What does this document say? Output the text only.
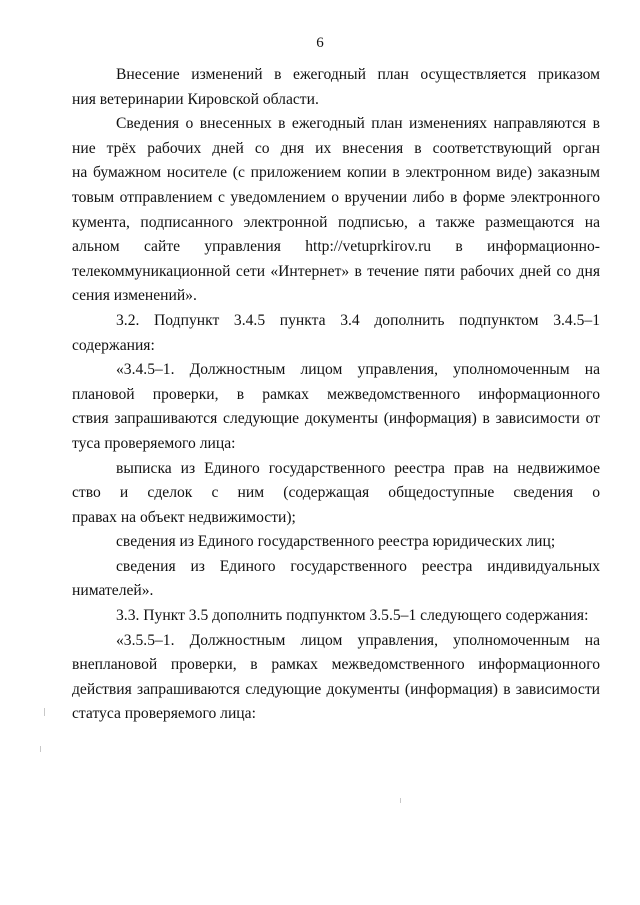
6
Внесение изменений в ежегодный план осуществляется приказом
ния ветеринарии Кировской области.
Сведения о внесенных в ежегодный план изменениях направляются в
ние трёх рабочих дней со дня их внесения в соответствующий орган
на бумажном носителе (с приложением копии в электронном виде) заказным
товым отправлением с уведомлением о вручении либо в форме электронного
кумента, подписанного электронной подписью, а также размещаются на
альном сайте управления http://vetuprkirov.ru в информационно-
телекоммуникационной сети «Интернет» в течение пяти рабочих дней со дня
сения изменений».
3.2. Подпункт 3.4.5 пункта 3.4 дополнить подпунктом 3.4.5–1
содержания:
«3.4.5–1. Должностным лицом управления, уполномоченным на
плановой проверки, в рамках межведомственного информационного
ствия запрашиваются следующие документы (информация) в зависимости от
туса проверяемого лица:
выписка из Единого государственного реестра прав на недвижимое
ство и сделок с ним (содержащая общедоступные сведения о
правах на объект недвижимости);
сведения из Единого государственного реестра юридических лиц;
сведения из Единого государственного реестра индивидуальных
нимателей».
3.3. Пункт 3.5 дополнить подпунктом 3.5.5–1 следующего содержания:
«3.5.5–1. Должностным лицом управления, уполномоченным на
внеплановой проверки, в рамках межведомственного информационного
действия запрашиваются следующие документы (информация) в зависимости
статуса проверяемого лица:
